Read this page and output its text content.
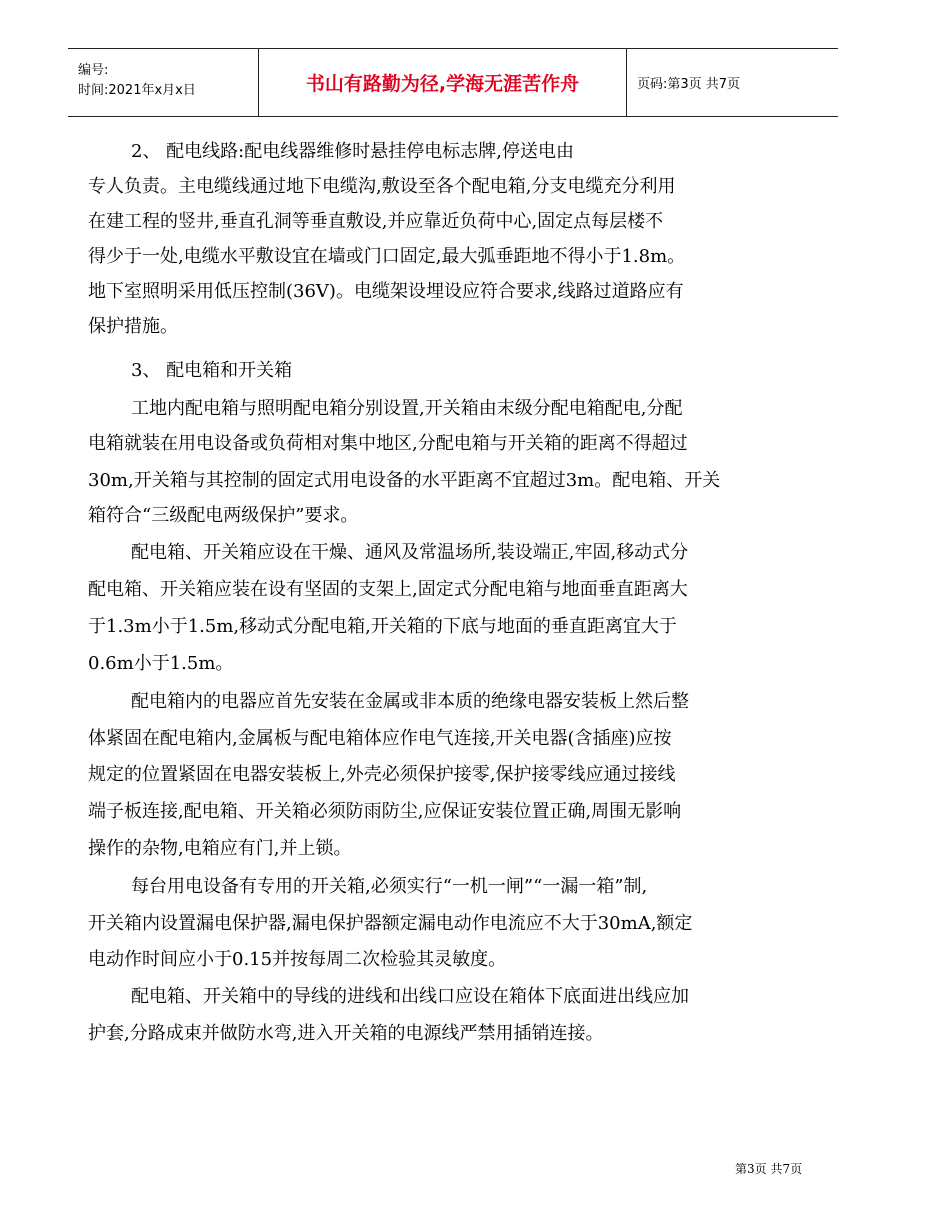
编号:
时间:2021年x月x日	书山有路勤为径,学海无涯苦作舟	页码:第3页 共7页
2、 配电线路:配电线器维修时悬挂停电标志牌,停送电由
专人负责。主电缆线通过地下电缆沟,敷设至各个配电箱,分支电缆充分利用
在建工程的竖井,垂直孔洞等垂直敷设,并应靠近负荷中心,固定点每层楼不
得少于一处,电缆水平敷设宜在墙或门口固定,最大弧垂距地不得小于1.8m。
地下室照明采用低压控制(36V)。电缆架设埋设应符合要求,线路过道路应有
保护措施。
3、 配电箱和开关箱
工地内配电箱与照明配电箱分别设置,开关箱由末级分配电箱配电,分配
电箱就装在用电设备或负荷相对集中地区,分配电箱与开关箱的距离不得超过
30m,开关箱与其控制的固定式用电设备的水平距离不宜超过3m。配电箱、开关
箱符合“三级配电两级保护”要求。
配电箱、开关箱应设在干燥、通风及常温场所,装设端正,牢固,移动式分
配电箱、开关箱应装在设有坚固的支架上,固定式分配电箱与地面垂直距离大
于1.3m小于1.5m,移动式分配电箱,开关箱的下底与地面的垂直距离宜大于
0.6m小于1.5m。
配电箱内的电器应首先安装在金属或非本质的绝缘电器安装板上然后整
体紧固在配电箱内,金属板与配电箱体应作电气连接,开关电器(含插座)应按
规定的位置紧固在电器安装板上,外壳必须保护接零,保护接零线应通过接线
端子板连接,配电箱、开关箱必须防雨防尘,应保证安装位置正确,周围无影响
操作的杂物,电箱应有门,并上锁。
每台用电设备有专用的开关箱,必须实行“一机一闸”“一漏一箱”制,
开关箱内设置漏电保护器,漏电保护器额定漏电动作电流应不大于30mA,额定
电动作时间应小于0.15并按每周二次检验其灵敏度。
配电箱、开关箱中的导线的进线和出线口应设在箱体下底面进出线应加
护套,分路成束并做防水弯,进入开关箱的电源线严禁用插销连接。
第3页 共7页
